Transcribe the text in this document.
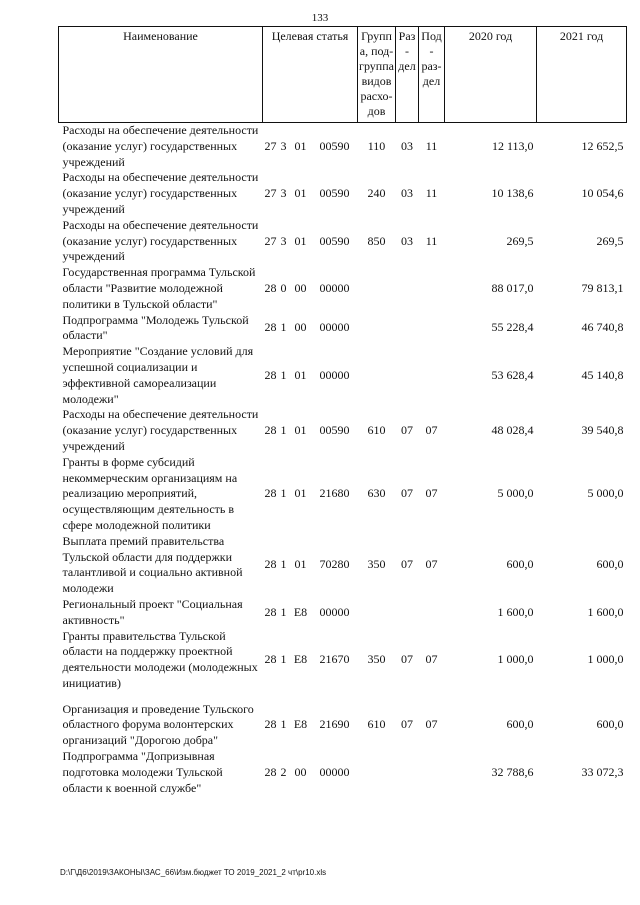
133
Наименование	Целевая статья				Группа, под- группа видов расхо- дов	Раз- дел	Под- раз- дел	2020 год	2021 год
Расходы на обеспечение деятельности (оказание услуг) государственных учреждений	27	3	01	00590	110	03	11	12 113,0	12 652,5
Расходы на обеспечение деятельности (оказание услуг) государственных учреждений	27	3	01	00590	240	03	11	10 138,6	10 054,6
Расходы на обеспечение деятельности (оказание услуг) государственных учреждений	27	3	01	00590	850	03	11	269,5	269,5
Государственная программа Тульской области "Развитие молодежной политики в Тульской области"	28	0	00	00000				88 017,0	79 813,1
Подпрограмма "Молодежь Тульской области"	28	1	00	00000				55 228,4	46 740,8
Мероприятие "Создание условий для успешной социализации и эффективной самореализации молодежи"	28	1	01	00000				53 628,4	45 140,8
Расходы на обеспечение деятельности (оказание услуг) государственных учреждений	28	1	01	00590	610	07	07	48 028,4	39 540,8
Гранты в форме субсидий некоммерческим организациям на реализацию мероприятий, осуществляющим деятельность в сфере молодежной политики	28	1	01	21680	630	07	07	5 000,0	5 000,0
Выплата премий правительства Тульской области для поддержки талантливой и социально активной молодежи	28	1	01	70280	350	07	07	600,0	600,0
Региональный проект "Социальная активность"	28	1	E8	00000				1 600,0	1 600,0
Гранты правительства Тульской области на поддержку проектной деятельности молодежи (молодежных инициатив)	28	1	E8	21670	350	07	07	1 000,0	1 000,0

Организация и проведение Тульского областного форума волонтерских организаций "Дорогою добра"	28	1	E8	21690	610	07	07	600,0	600,0
Подпрограмма "Допризывная подготовка молодежи Тульской области к военной службе"	28	2	00	00000				32 788,6	33 072,3
D:\Г\Д6\2019\ЗАКОНЫ\ЗАС_66\Изм.бюджет ТО 2019_2021_2 чт\pr10.xls
